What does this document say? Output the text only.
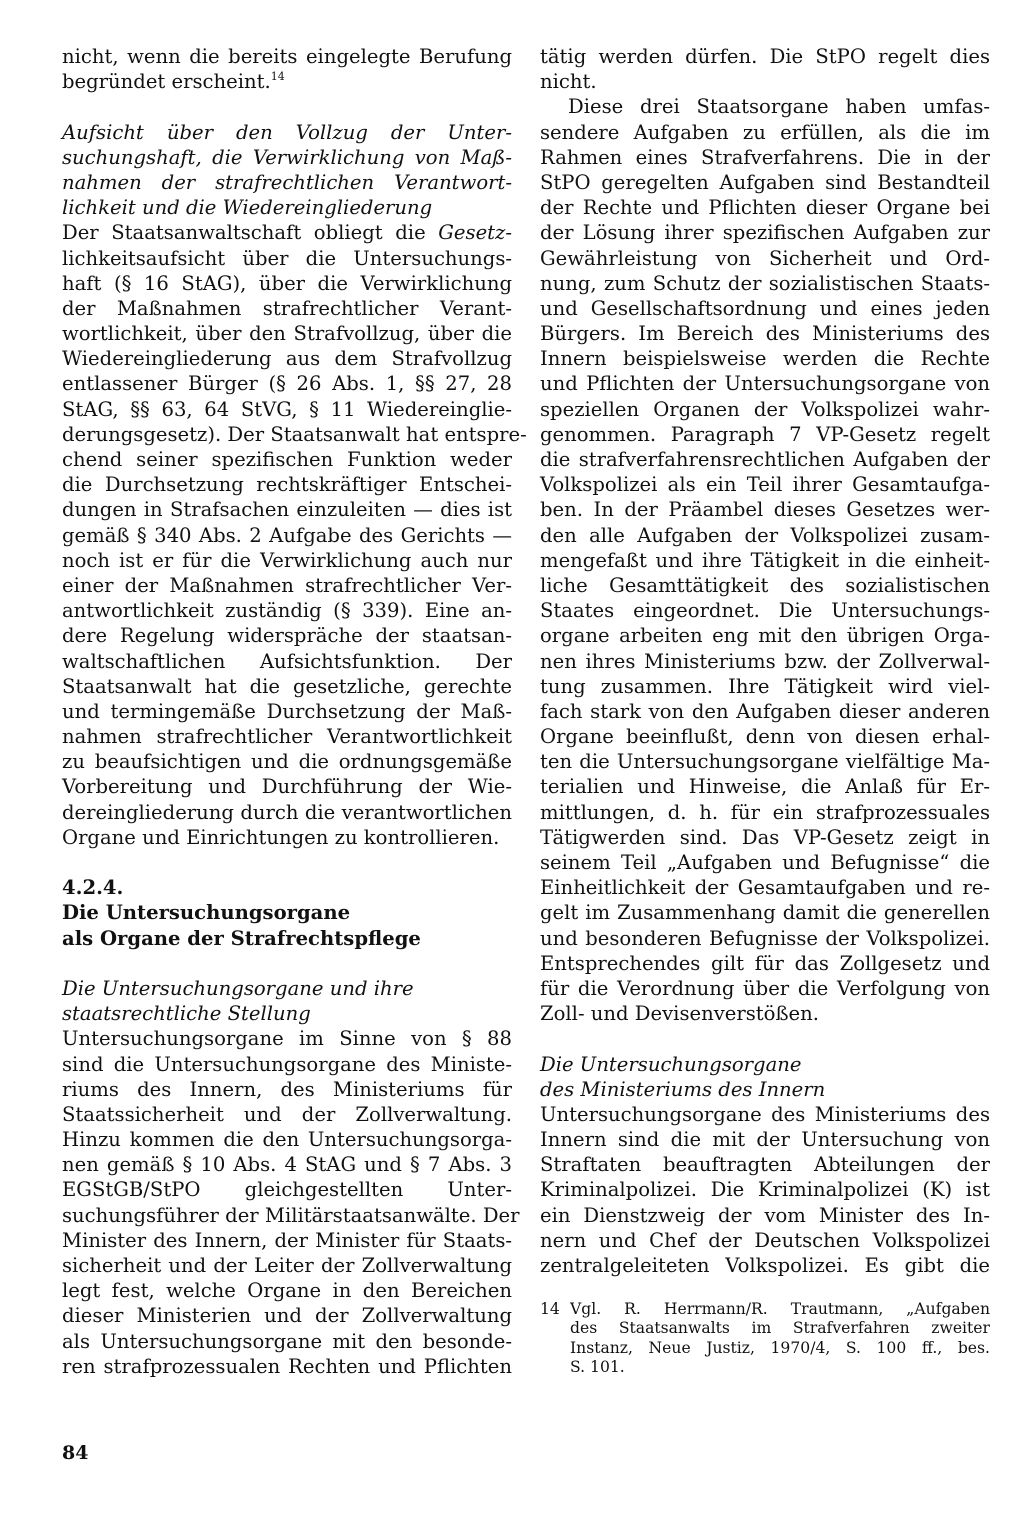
nicht, wenn die bereits eingelegte Berufung
begründet erscheint.$^{14}$
Aufsicht über den Vollzug der Unter-
suchungshaft, die Verwirklichung von Maß-
nahmen der strafrechtlichen Verantwort-
lichkeit und die Wiedereingliederung
Der Staatsanwaltschaft obliegt die Gesetz-
lichkeitsaufsicht über die Untersuchungs-
haft (§ 16 StAG), über die Verwirklichung
der Maßnahmen strafrechtlicher Verant-
wortlichkeit, über den Strafvollzug, über die
Wiedereingliederung aus dem Strafvollzug
entlassener Bürger (§ 26 Abs. 1, §§ 27, 28
StAG, §§ 63, 64 StVG, § 11 Wiedereinglie-
derungsgesetz). Der Staatsanwalt hat entspre-
chend seiner spezifischen Funktion weder
die Durchsetzung rechtskräftiger Entschei-
dungen in Strafsachen einzuleiten — dies ist
gemäß § 340 Abs. 2 Aufgabe des Gerichts —
noch ist er für die Verwirklichung auch nur
einer der Maßnahmen strafrechtlicher Ver-
antwortlichkeit zuständig (§ 339). Eine an-
dere Regelung widerspräche der staatsan-
waltschaftlichen Aufsichtsfunktion. Der
Staatsanwalt hat die gesetzliche, gerechte
und termingemäße Durchsetzung der Maß-
nahmen strafrechtlicher Verantwortlichkeit
zu beaufsichtigen und die ordnungsgemäße
Vorbereitung und Durchführung der Wie-
dereingliederung durch die verantwortlichen
Organe und Einrichtungen zu kontrollieren.
4.2.4.
Die Untersuchungsorgane
als Organe der Strafrechtspflege
Die Untersuchungsorgane und ihre
staatsrechtliche Stellung
Untersuchungsorgane im Sinne von § 88
sind die Untersuchungsorgane des Ministe-
riums des Innern, des Ministeriums für
Staatssicherheit und der Zollverwaltung.
Hinzu kommen die den Untersuchungsorga-
nen gemäß § 10 Abs. 4 StAG und § 7 Abs. 3
EGStGB/StPO gleichgestellten Unter-
suchungsführer der Militärstaatsanwälte. Der
Minister des Innern, der Minister für Staats-
sicherheit und der Leiter der Zollverwaltung
legt fest, welche Organe in den Bereichen
dieser Ministerien und der Zollverwaltung
als Untersuchungsorgane mit den besonde-
ren strafprozessualen Rechten und Pflichten
tätig werden dürfen. Die StPO regelt dies
nicht.
Diese drei Staatsorgane haben umfas-
sendere Aufgaben zu erfüllen, als die im
Rahmen eines Strafverfahrens. Die in der
StPO geregelten Aufgaben sind Bestandteil
der Rechte und Pflichten dieser Organe bei
der Lösung ihrer spezifischen Aufgaben zur
Gewährleistung von Sicherheit und Ord-
nung, zum Schutz der sozialistischen Staats-
und Gesellschaftsordnung und eines jeden
Bürgers. Im Bereich des Ministeriums des
Innern beispielsweise werden die Rechte
und Pflichten der Untersuchungsorgane von
speziellen Organen der Volkspolizei wahr-
genommen. Paragraph 7 VP-Gesetz regelt
die strafverfahrensrechtlichen Aufgaben der
Volkspolizei als ein Teil ihrer Gesamtaufga-
ben. In der Präambel dieses Gesetzes wer-
den alle Aufgaben der Volkspolizei zusam-
mengefaßt und ihre Tätigkeit in die einheit-
liche Gesamttätigkeit des sozialistischen
Staates eingeordnet. Die Untersuchungs-
organe arbeiten eng mit den übrigen Orga-
nen ihres Ministeriums bzw. der Zollverwal-
tung zusammen. Ihre Tätigkeit wird viel-
fach stark von den Aufgaben dieser anderen
Organe beeinflußt, denn von diesen erhal-
ten die Untersuchungsorgane vielfältige Ma-
terialien und Hinweise, die Anlaß für Er-
mittlungen, d. h. für ein strafprozessuales
Tätigwerden sind. Das VP-Gesetz zeigt in
seinem Teil „Aufgaben und Befugnisse“ die
Einheitlichkeit der Gesamtaufgaben und re-
gelt im Zusammenhang damit die generellen
und besonderen Befugnisse der Volkspolizei.
Entsprechendes gilt für das Zollgesetz und
für die Verordnung über die Verfolgung von
Zoll- und Devisenverstößen.
Die Untersuchungsorgane
des Ministeriums des Innern
Untersuchungsorgane des Ministeriums des
Innern sind die mit der Untersuchung von
Straftaten beauftragten Abteilungen der
Kriminalpolizei. Die Kriminalpolizei (K) ist
ein Dienstzweig der vom Minister des In-
nern und Chef der Deutschen Volkspolizei
zentralgeleiteten Volkspolizei. Es gibt die
14 Vgl. R. Herrmann/R. Trautmann, „Aufgaben
des Staatsanwalts im Strafverfahren zweiter
Instanz, Neue Justiz, 1970/4, S. 100 ff., bes.
S. 101.
84
